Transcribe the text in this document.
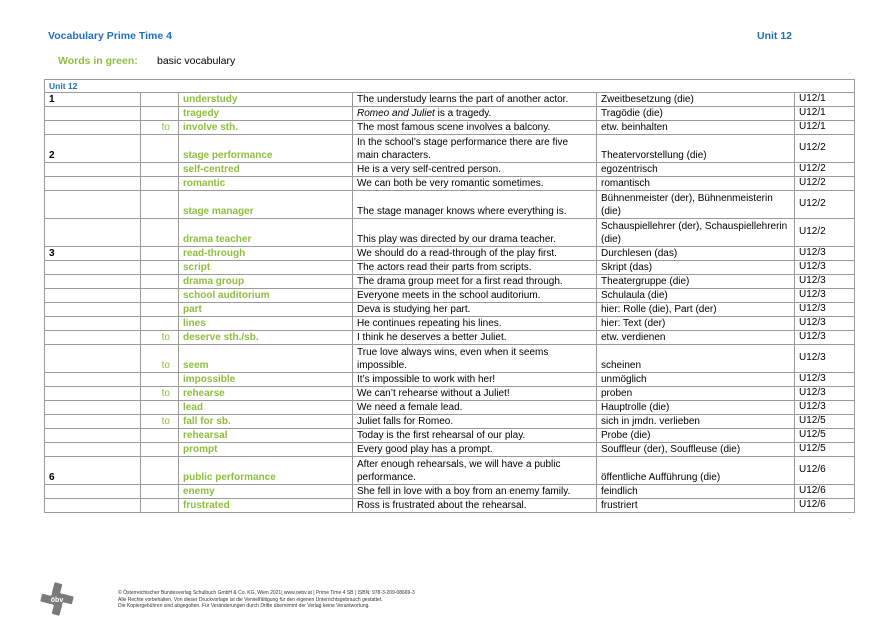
Vocabulary Prime Time 4	Unit 12
Words in green: basic vocabulary
Unit 12					
1		understudy	The understudy learns the part of another actor.	Zweitbesetzung (die)	U12/1
		tragedy	Romeo and Juliet is a tragedy.	Tragödie (die)	U12/1
	to	involve sth.	The most famous scene involves a balcony.	etw. beinhalten	U12/1
2		stage performance	In the school’s stage performance there are five main characters.	Theatervorstellung (die)	U12/2
		self-centred	He is a very self-centred person.	egozentrisch	U12/2
		romantic	We can both be very romantic sometimes.	romantisch	U12/2
		stage manager	The stage manager knows where everything is.	Bühnenmeister (der), Bühnenmeisterin (die)	U12/2
		drama teacher	This play was directed by our drama teacher.	Schauspiellehrer (der), Schauspiellehrerin (die)	U12/2
3		read-through	We should do a read-through of the play first.	Durchlesen (das)	U12/3
		script	The actors read their parts from scripts.	Skript (das)	U12/3
		drama group	The drama group meet for a first read through.	Theatergruppe (die)	U12/3
		school auditorium	Everyone meets in the school auditorium.	Schulaula (die)	U12/3
		part	Deva is studying her part.	hier: Rolle (die), Part (der)	U12/3
		lines	He continues repeating his lines.	hier: Text (der)	U12/3
	to	deserve sth./sb.	I think he deserves a better Juliet.	etw. verdienen	U12/3
	to	seem	True love always wins, even when it seems impossible.	scheinen	U12/3
		impossible	It’s impossible to work with her!	unmöglich	U12/3
	to	rehearse	We can’t rehearse without a Juliet!	proben	U12/3
		lead	We need a female lead.	Hauptrolle (die)	U12/3
	to	fall for sb.	Juliet falls for Romeo.	sich in jmdn. verlieben	U12/5
		rehearsal	Today is the first rehearsal of our play.	Probe (die)	U12/5
		prompt	Every good play has a prompt.	Souffleur (der), Souffleuse (die)	U12/5
6		public performance	After enough rehearsals, we will have a public performance.	öffentliche Aufführung (die)	U12/6
		enemy	She fell in love with a boy from an enemy family.	feindlich	U12/6
		frustrated	Ross is frustrated about the rehearsal.	frustriert	U12/6
öbv
© Österreichischer Bundesverlag Schulbuch GmbH & Co. KG, Wien 2021| www.oebv.at | Prime Time 4 SB | ISBN: 978-3-209-08669-3
Alle Rechte vorbehalten. Von dieser Druckvorlage ist die Vervielfältigung für den eigenen Unterrichtsgebrauch gestattet.
Die Kopiergebühren sind abgegolten. Für Veränderungen durch Dritte übernimmt der Verlag keine Verantwortung.
